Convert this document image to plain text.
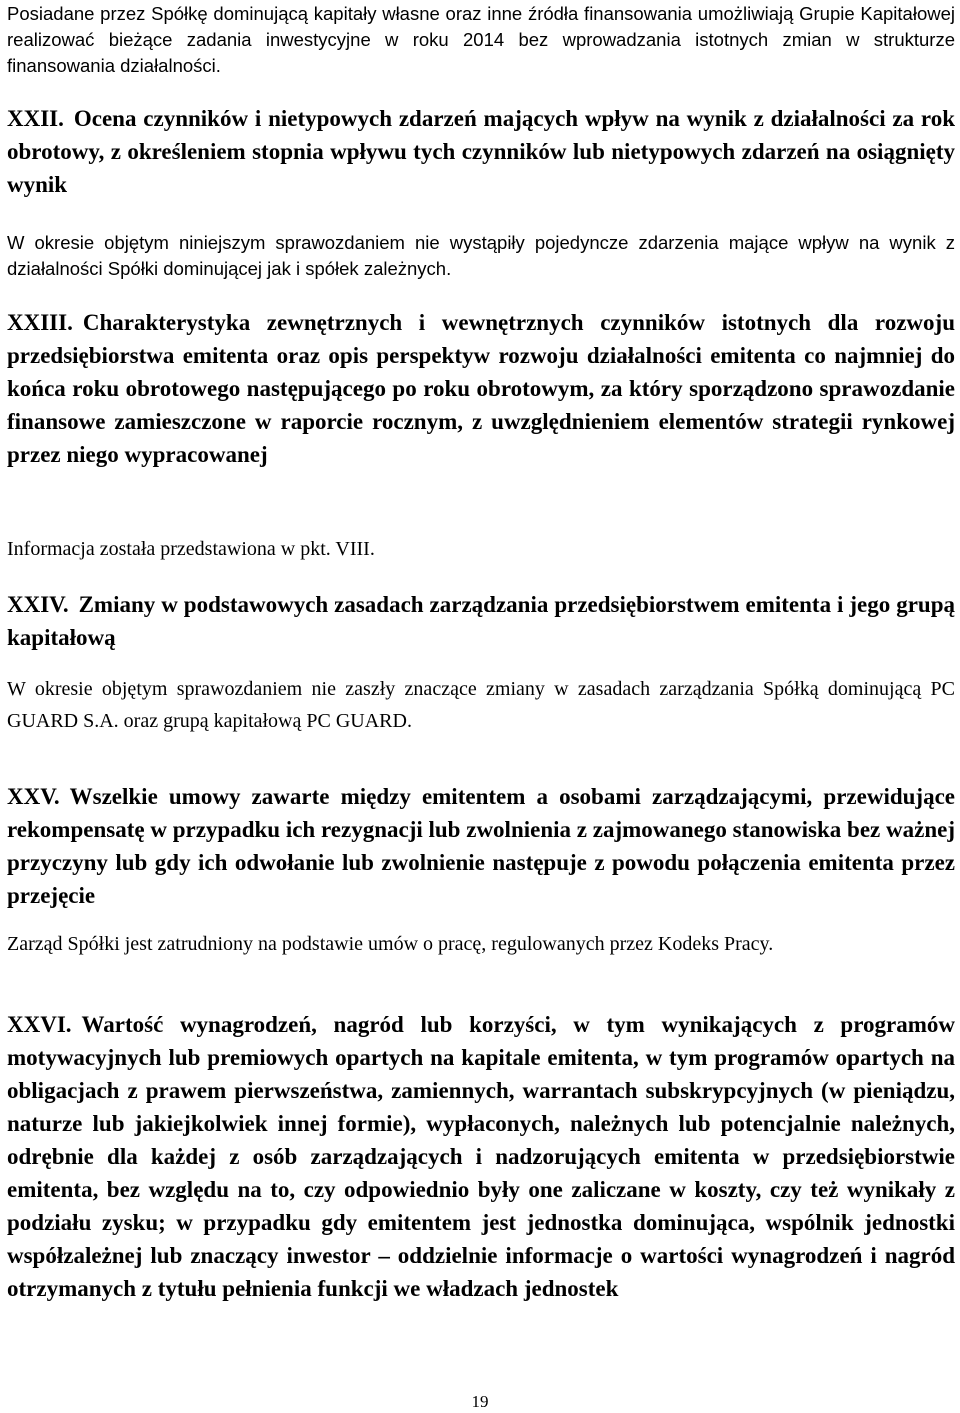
Posiadane przez Spółkę dominującą kapitały własne oraz inne źródła finansowania umożliwiają Grupie Kapitałowej realizować bieżące zadania inwestycyjne w roku 2014 bez wprowadzania istotnych zmian w strukturze finansowania działalności.

XXII. Ocena czynników i nietypowych zdarzeń mających wpływ na wynik z działalności za rok obrotowy, z określeniem stopnia wpływu tych czynników lub nietypowych zdarzeń na osiągnięty wynik

W okresie objętym niniejszym sprawozdaniem nie wystąpiły pojedyncze zdarzenia mające wpływ na wynik z działalności Spółki dominującej jak i spółek zależnych.

XXIII. Charakterystyka zewnętrznych i wewnętrznych czynników istotnych dla rozwoju przedsiębiorstwa emitenta oraz opis perspektyw rozwoju działalności emitenta co najmniej do końca roku obrotowego następującego po roku obrotowym, za który sporządzono sprawozdanie finansowe zamieszczone w raporcie rocznym, z uwzględnieniem elementów strategii rynkowej przez niego wypracowanej

Informacja została przedstawiona w pkt. VIII.

XXIV. Zmiany w podstawowych zasadach zarządzania przedsiębiorstwem emitenta i jego grupą kapitałową

W okresie objętym sprawozdaniem nie zaszły znaczące zmiany w zasadach zarządzania Spółką dominującą PC GUARD S.A. oraz grupą kapitałową PC GUARD.

XXV. Wszelkie umowy zawarte między emitentem a osobami zarządzającymi, przewidujące rekompensatę w przypadku ich rezygnacji lub zwolnienia z zajmowanego stanowiska bez ważnej przyczyny lub gdy ich odwołanie lub zwolnienie następuje z powodu połączenia emitenta przez przejęcie

Zarząd Spółki jest zatrudniony na podstawie umów o pracę, regulowanych przez Kodeks Pracy.

XXVI. Wartość wynagrodzeń, nagród lub korzyści, w tym wynikających z programów motywacyjnych lub premiowych opartych na kapitale emitenta, w tym programów opartych na obligacjach z prawem pierwszeństwa, zamiennych, warrantach subskrypcyjnych (w pieniądzu, naturze lub jakiejkolwiek innej formie), wypłaconych, należnych lub potencjalnie należnych, odrębnie dla każdej z osób zarządzających i nadzorujących emitenta w przedsiębiorstwie emitenta, bez względu na to, czy odpowiednio były one zaliczane w koszty, czy też wynikały z podziału zysku; w przypadku gdy emitentem jest jednostka dominująca, wspólnik jednostki współzależnej lub znaczący inwestor – oddzielnie informacje o wartości wynagrodzeń i nagród otrzymanych z tytułu pełnienia funkcji we władzach jednostek

19
